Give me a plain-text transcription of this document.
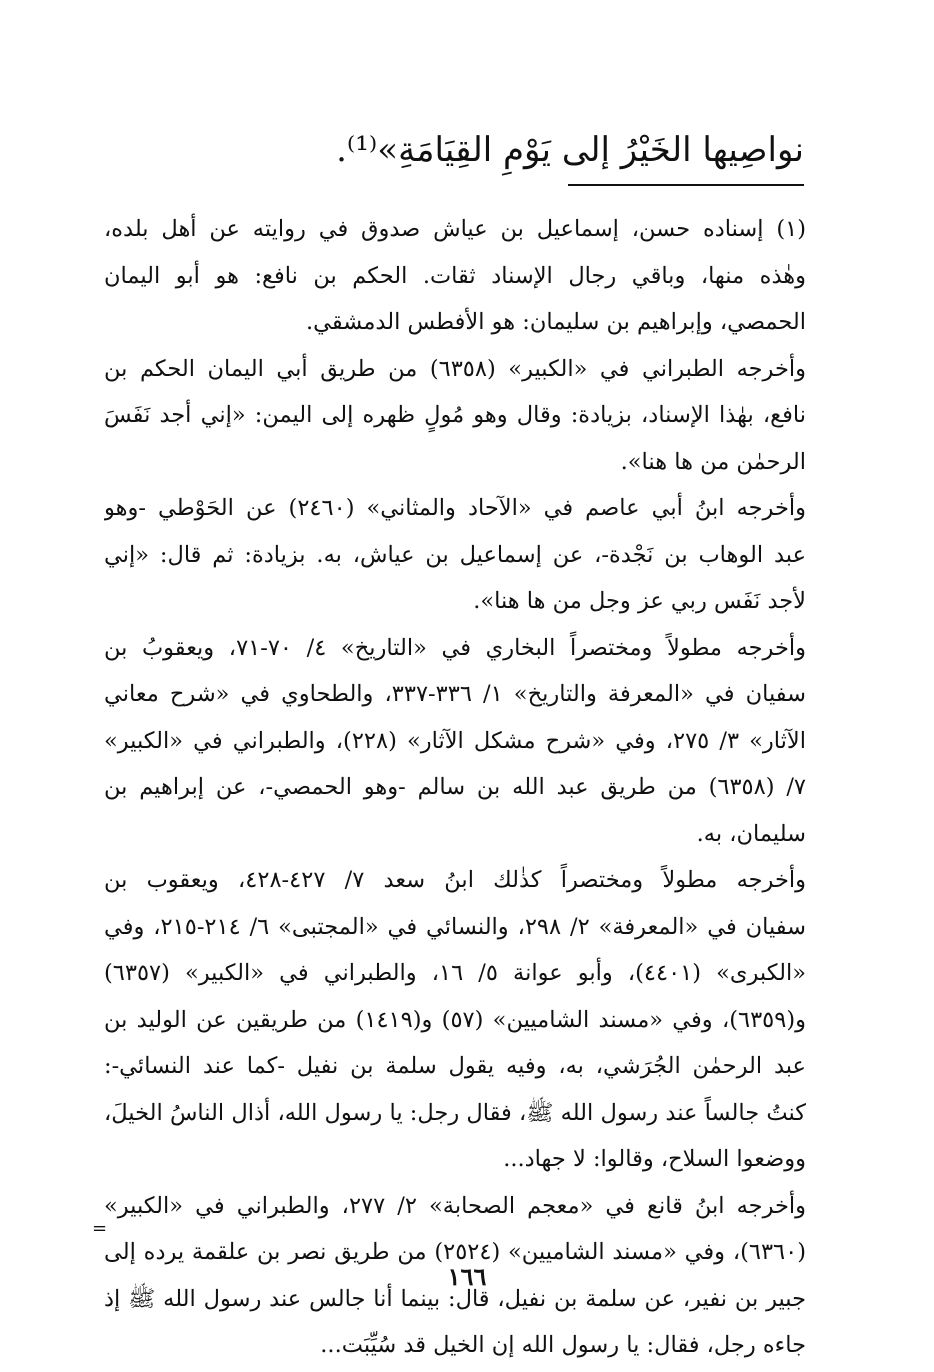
نواصِيها الخَيْرُ إلى يَوْمِ القِيَامَةِ»⁽¹⁾.
(١) إسناده حسن، إسماعيل بن عياش صدوق في روايته عن أهل بلده،
وهٰذه منها، وباقي رجال الإسناد ثقات. الحكم بن نافع: هو أبو اليمان
الحمصي، وإبراهيم بن سليمان: هو الأفطس الدمشقي.
وأخرجه الطبراني في «الكبير» (٦٣٥٨) من طريق أبي اليمان الحكم بن
نافع، بهٰذا الإسناد، بزيادة: وقال وهو مُولٍ ظهره إلى اليمن: «إني أجد نَفَسَ
الرحمٰن من ها هنا».
وأخرجه ابنُ أبي عاصم في «الآحاد والمثاني» (٢٤٦٠) عن الحَوْطي -وهو
عبد الوهاب بن نَجْدة-، عن إسماعيل بن عياش، به. بزيادة: ثم قال: «إني
لأجد نَفَس ربي عز وجل من ها هنا».
وأخرجه مطولاً ومختصراً البخاري في «التاريخ» ٤/ ٧٠-٧١، ويعقوبُ بن
سفيان في «المعرفة والتاريخ» ١/ ٣٣٦-٣٣٧، والطحاوي في «شرح معاني
الآثار» ٣/ ٢٧٥، وفي «شرح مشكل الآثار» (٢٢٨)، والطبراني في «الكبير»
٧/ (٦٣٥٨) من طريق عبد الله بن سالم -وهو الحمصي-، عن إبراهيم بن
سليمان، به.
وأخرجه مطولاً ومختصراً كذٰلك ابنُ سعد ٧/ ٤٢٧-٤٢٨، ويعقوب بن
سفيان في «المعرفة» ٢/ ٢٩٨، والنسائي في «المجتبى» ٦/ ٢١٤-٢١٥، وفي
«الكبرى» (٤٤٠١)، وأبو عوانة ٥/ ١٦، والطبراني في «الكبير» (٦٣٥٧)
و(٦٣٥٩)، وفي «مسند الشاميين» (٥٧) و(١٤١٩) من طريقين عن الوليد بن
عبد الرحمٰن الجُرَشي، به، وفيه يقول سلمة بن نفيل -كما عند النسائي-:
كنتُ جالساً عند رسول الله ﷺ، فقال رجل: يا رسول الله، أذال الناسُ الخيلَ،
ووضعوا السلاح، وقالوا: لا جهاد...
وأخرجه ابنُ قانع في «معجم الصحابة» ٢/ ٢٧٧، والطبراني في «الكبير»
(٦٣٦٠)، وفي «مسند الشاميين» (٢٥٢٤) من طريق نصر بن علقمة يرده إلى
جبير بن نفير، عن سلمة بن نفيل، قال: بينما أنا جالس عند رسول الله ﷺ إذ
جاءه رجل، فقال: يا رسول الله إن الخيل قد سُيِّبَت...
=
١٦٦
